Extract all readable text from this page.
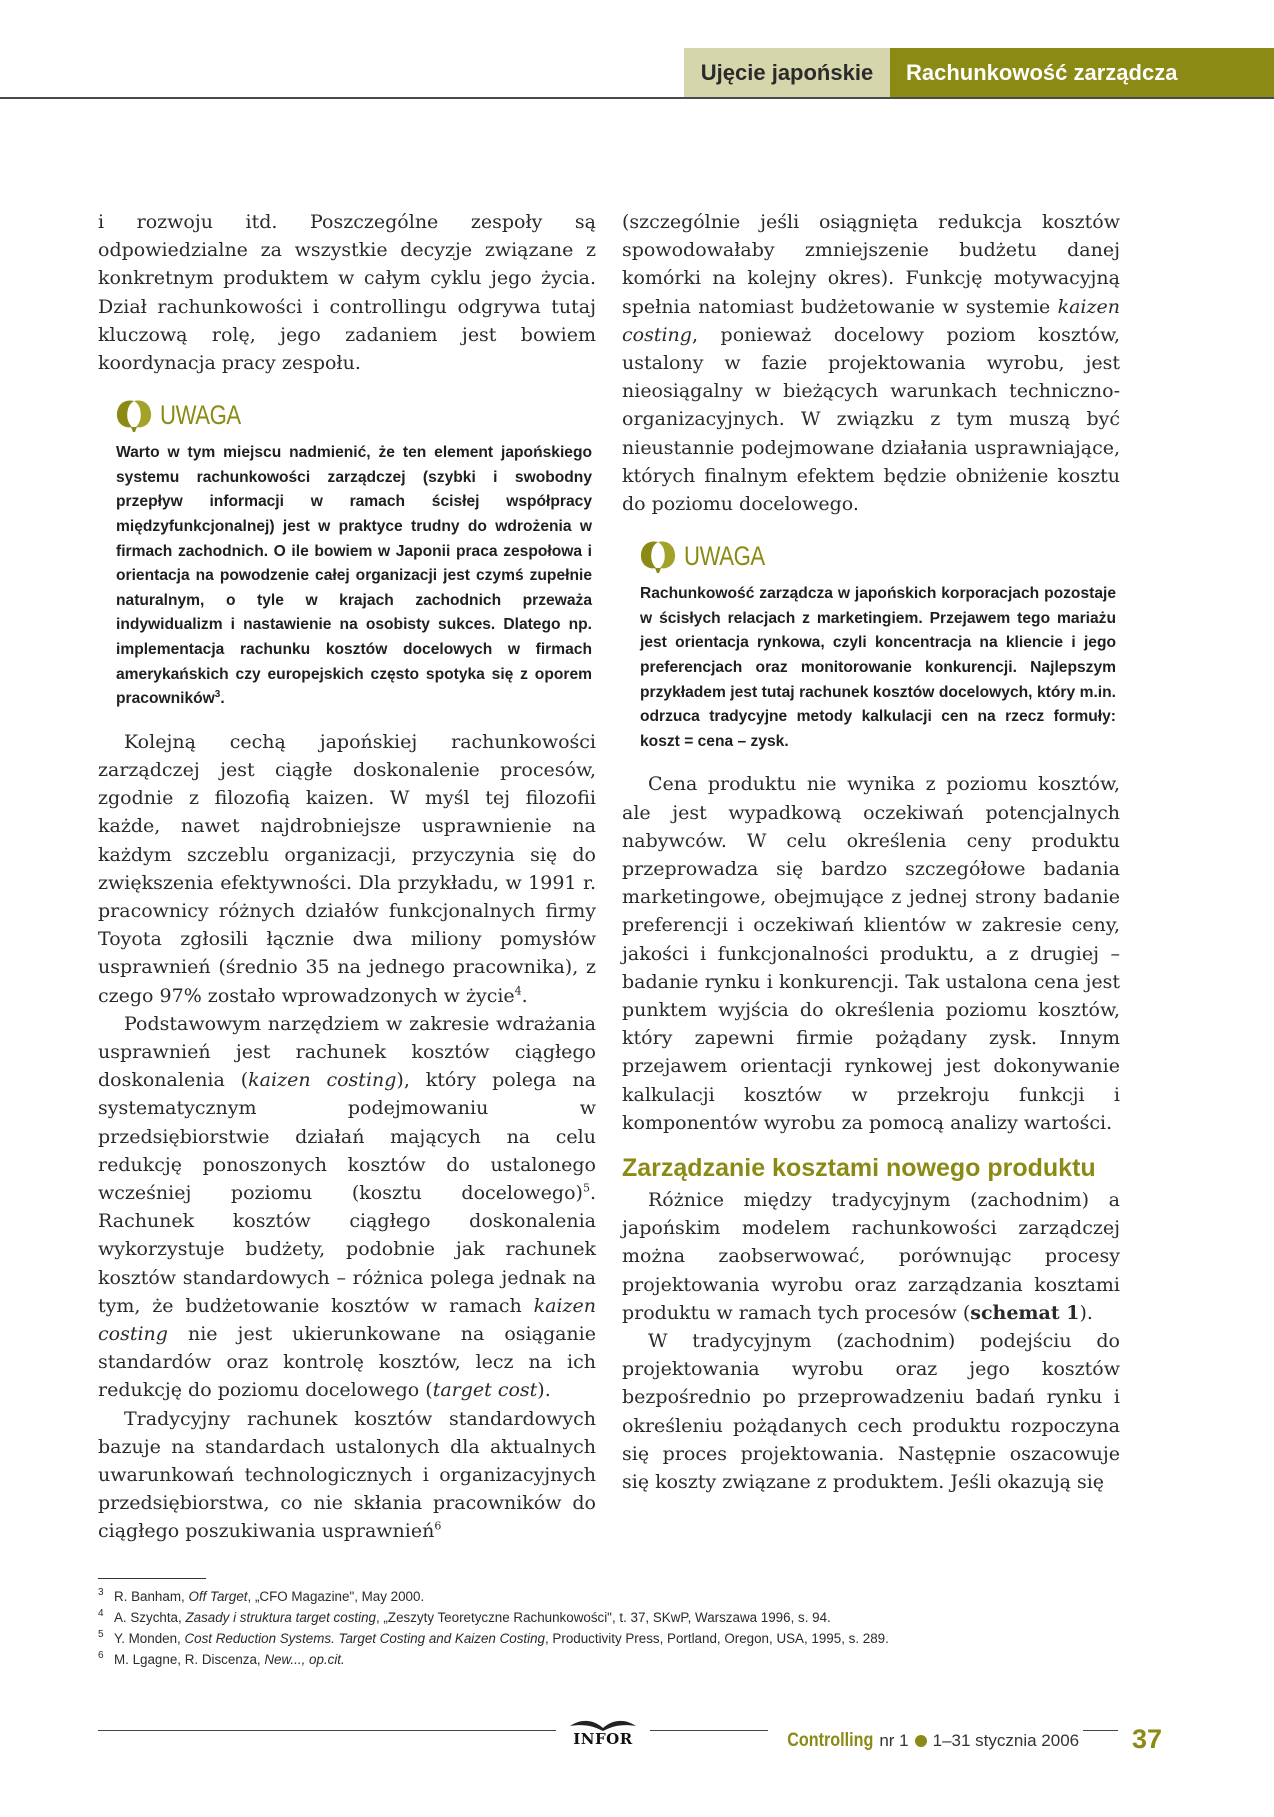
Ujęcie japońskie	Rachunkowość zarządcza

i rozwoju itd. Poszczególne zespoły są odpowiedzialne za wszystkie decyzje związane z konkretnym produktem w całym cyklu jego życia. Dział rachunkowości i controllingu odgrywa tutaj kluczową rolę, jego zadaniem jest bowiem koordynacja pracy zespołu.

UWAGA
Warto w tym miejscu nadmienić, że ten element japońskiego systemu rachunkowości zarządczej (szybki i swobodny przepływ informacji w ramach ścisłej współpracy międzyfunkcjonalnej) jest w praktyce trudny do wdrożenia w firmach zachodnich. O ile bowiem w Japonii praca zespołowa i orientacja na powodzenie całej organizacji jest czymś zupełnie naturalnym, o tyle w krajach zachodnich przeważa indywidualizm i nastawienie na osobisty sukces. Dlatego np. implementacja rachunku kosztów docelowych w firmach amerykańskich czy europejskich często spotyka się z oporem pracowników$^3$.

Kolejną cechą japońskiej rachunkowości zarządczej jest ciągłe doskonalenie procesów, zgodnie z filozofią kaizen. W myśl tej filozofii każde, nawet najdrobniejsze usprawnienie na każdym szczeblu organizacji, przyczynia się do zwiększenia efektywności. Dla przykładu, w 1991 r. pracownicy różnych działów funkcjonalnych firmy Toyota zgłosili łącznie dwa miliony pomysłów usprawnień (średnio 35 na jednego pracownika), z czego 97% zostało wprowadzonych w życie$^4$.

Podstawowym narzędziem w zakresie wdrażania usprawnień jest rachunek kosztów ciągłego doskonalenia (kaizen costing), który polega na systematycznym podejmowaniu w przedsiębiorstwie działań mających na celu redukcję ponoszonych kosztów do ustalonego wcześniej poziomu (kosztu docelowego)$^5$. Rachunek kosztów ciągłego doskonalenia wykorzystuje budżety, podobnie jak rachunek kosztów standardowych – różnica polega jednak na tym, że budżetowanie kosztów w ramach kaizen costing nie jest ukierunkowane na osiąganie standardów oraz kontrolę kosztów, lecz na ich redukcję do poziomu docelowego (target cost).

Tradycyjny rachunek kosztów standardowych bazuje na standardach ustalonych dla aktualnych uwarunkowań technologicznych i organizacyjnych przedsiębiorstwa, co nie skłania pracowników do ciągłego poszukiwania usprawnień$^6$

(szczególnie jeśli osiągnięta redukcja kosztów spowodowałaby zmniejszenie budżetu danej komórki na kolejny okres). Funkcję motywacyjną spełnia natomiast budżetowanie w systemie kaizen costing, ponieważ docelowy poziom kosztów, ustalony w fazie projektowania wyrobu, jest nieosiągalny w bieżących warunkach techniczno-organizacyjnych. W związku z tym muszą być nieustannie podejmowane działania usprawniające, których finalnym efektem będzie obniżenie kosztu do poziomu docelowego.

UWAGA
Rachunkowość zarządcza w japońskich korporacjach pozostaje w ścisłych relacjach z marketingiem. Przejawem tego mariażu jest orientacja rynkowa, czyli koncentracja na kliencie i jego preferencjach oraz monitorowanie konkurencji. Najlepszym przykładem jest tutaj rachunek kosztów docelowych, który m.in. odrzuca tradycyjne metody kalkulacji cen na rzecz formuły: koszt = cena – zysk.

Cena produktu nie wynika z poziomu kosztów, ale jest wypadkową oczekiwań potencjalnych nabywców. W celu określenia ceny produktu przeprowadza się bardzo szczegółowe badania marketingowe, obejmujące z jednej strony badanie preferencji i oczekiwań klientów w zakresie ceny, jakości i funkcjonalności produktu, a z drugiej – badanie rynku i konkurencji. Tak ustalona cena jest punktem wyjścia do określenia poziomu kosztów, który zapewni firmie pożądany zysk. Innym przejawem orientacji rynkowej jest dokonywanie kalkulacji kosztów w przekroju funkcji i komponentów wyrobu za pomocą analizy wartości.

Zarządzanie kosztami nowego produktu

Różnice między tradycyjnym (zachodnim) a japońskim modelem rachunkowości zarządczej można zaobserwować, porównując procesy projektowania wyrobu oraz zarządzania kosztami produktu w ramach tych procesów (schemat 1).

W tradycyjnym (zachodnim) podejściu do projektowania wyrobu oraz jego kosztów bezpośrednio po przeprowadzeniu badań rynku i określeniu pożądanych cech produktu rozpoczyna się proces projektowania. Następnie oszacowuje się koszty związane z produktem. Jeśli okazują się

3 R. Banham, Off Target, „CFO Magazine", May 2000.
4 A. Szychta, Zasady i struktura target costing, „Zeszyty Teoretyczne Rachunkowości", t. 37, SKwP, Warszawa 1996, s. 94.
5 Y. Monden, Cost Reduction Systems. Target Costing and Kaizen Costing, Productivity Press, Portland, Oregon, USA, 1995, s. 289.
6 M. Lgagne, R. Discenza, New..., op.cit.
INFOR	Controlling nr 1 1–31 stycznia 2006 37
